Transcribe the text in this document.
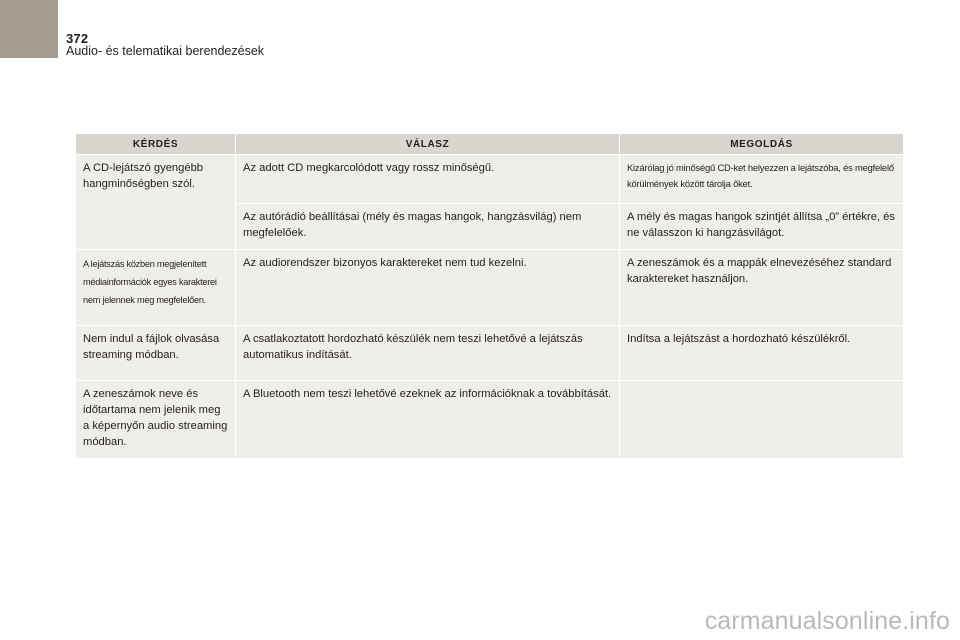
372
Audio- és telematikai berendezések
KÉRDÉS	VÁLASZ	MEGOLDÁS
A CD-lejátszó gyengébb hangminőségben szól.	Az adott CD megkarcolódott vagy rossz minőségű.	Kizárólag jó minőségű CD-ket helyezzen a lejátszóba, és megfelelő körülmények között tárolja őket.
	Az autórádió beállításai (mély és magas hangok, hangzásvilág) nem megfelelőek.	A mély és magas hangok szintjét állítsa „0” értékre, és ne válasszon ki hangzásvilágot.
A lejátszás közben megjelenített médiainformációk egyes karakterei nem jelennek meg megfelelően.	Az audiorendszer bizonyos karaktereket nem tud kezelni.	A zeneszámok és a mappák elnevezéséhez standard karaktereket használjon.
Nem indul a fájlok olvasása streaming módban.	A csatlakoztatott hordozható készülék nem teszi lehetővé a lejátszás automatikus indítását.	Indítsa a lejátszást a hordozható készülékről.
A zeneszámok neve és időtartama nem jelenik meg a képernyőn audio streaming módban.	A Bluetooth nem teszi lehetővé ezeknek az információknak a továbbítását.	
carmanualsonline.info
